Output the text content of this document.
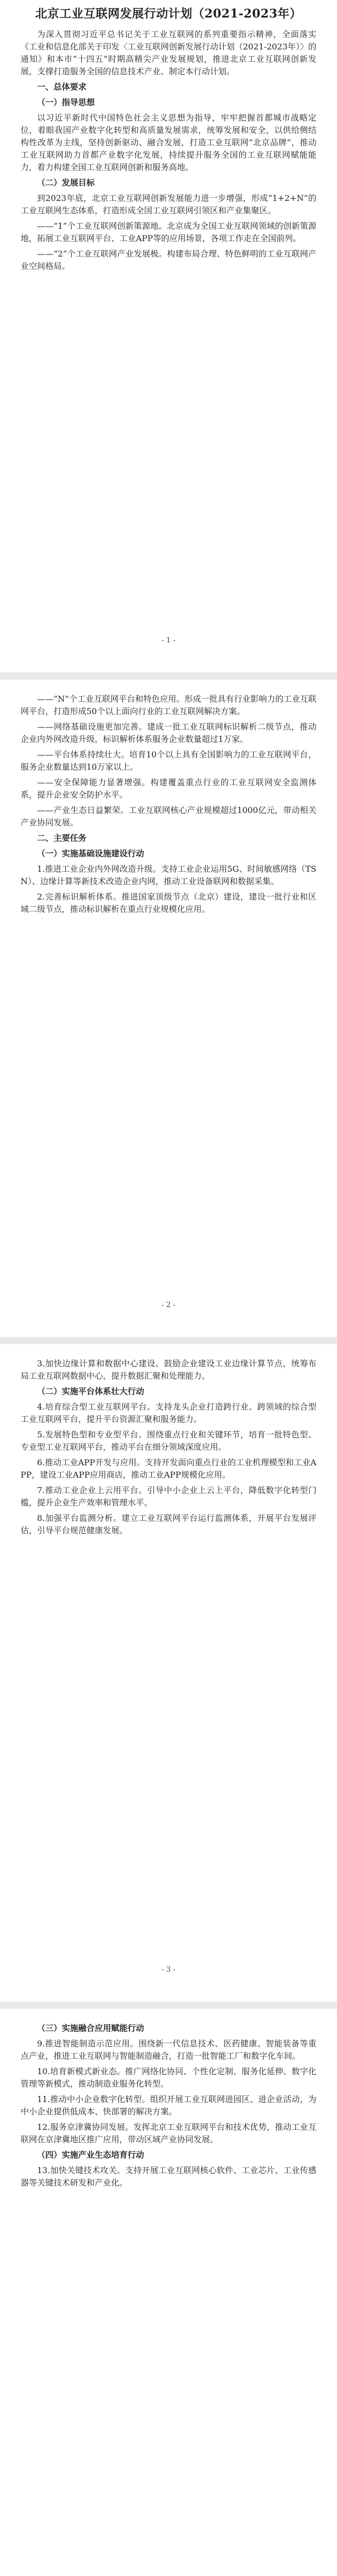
北京工业互联网发展行动计划（2021-2023年）

为深入贯彻习近平总书记关于工业互联网的系列重要指示精神，全面落实《工业和信息化部关于印发〈工业互联网创新发展行动计划（2021-2023年）〉的通知》和本市“十四五”时期高精尖产业发展规划，推进北京工业互联网创新发展，支撑打造服务全国的信息技术产业、制定本行动计划。

一、总体要求

（一）指导思想

以习近平新时代中国特色社会主义思想为指导，牢牢把握首都城市战略定位，着眼我国产业数字化转型和高质量发展需求，统筹发展和安全，以供给侧结构性改革为主线，坚持创新驱动、融合发展，打造工业互联网“北京品牌”，推动工业互联网助力首都产业数字化发展，持续提升服务全国的工业互联网赋能能力，着力构建全国工业互联网创新和服务高地。

（二）发展目标

到2023年底，北京工业互联网创新发展能力进一步增强，形成“1+2+N”的工业互联网生态体系，打造形成全国工业互联网引领区和产业集聚区。

——“1”个工业互联网创新策源地。北京成为全国工业互联网领域的创新策源地，拓展工业互联网平台、工业APP等的应用场景，各项工作走在全国前列。

——“2”个工业互联网产业发展极。构建布局合理、特色鲜明的工业互联网产业空间格局。

- 1 -

——“N”个工业互联网平台和特色应用。形成一批具有行业影响力的工业互联网平台，打造形成50个以上面向行业的工业互联网解决方案。

——网络基础设施更加完善。建成一批工业互联网标识解析二级节点，推动企业内外网改造升级，标识解析体系服务企业数量超过1万家。

——平台体系持续壮大。培育10个以上具有全国影响力的工业互联网平台，服务企业数量达到10万家以上。

——安全保障能力显著增强。构建覆盖重点行业的工业互联网安全监测体系，提升企业安全防护水平。

——产业生态日益繁荣。工业互联网核心产业规模超过1000亿元，带动相关产业协同发展。

二、主要任务

（一）实施基础设施建设行动

1.推进工业企业内外网改造升级。支持工业企业运用5G、时间敏感网络（TSN）、边缘计算等新技术改造企业内网，推动工业设备联网和数据采集。

2.完善标识解析体系。推进国家顶级节点（北京）建设，建设一批行业和区域二级节点，推动标识解析在重点行业规模化应用。

- 2 -

3.加快边缘计算和数据中心建设。鼓励企业建设工业边缘计算节点，统筹布局工业互联网数据中心，提升数据汇聚和处理能力。

（二）实施平台体系壮大行动

4.培育综合型工业互联网平台。支持龙头企业打造跨行业、跨领域的综合型工业互联网平台，提升平台资源汇聚和服务能力。

5.发展特色型和专业型平台。围绕重点行业和关键环节，培育一批特色型、专业型工业互联网平台，推动平台在细分领域深度应用。

6.推动工业APP开发与应用。支持开发面向重点行业的工业机理模型和工业APP，建设工业APP应用商店，推动工业APP规模化应用。

7.推动工业企业上云用平台。引导中小企业上云上平台，降低数字化转型门槛，提升企业生产效率和管理水平。

8.加强平台监测分析。建立工业互联网平台运行监测体系，开展平台发展评估，引导平台规范健康发展。

- 3 -

（三）实施融合应用赋能行动

9.推进智能制造示范应用。围绕新一代信息技术、医药健康、智能装备等重点产业，推进工业互联网与智能制造融合，打造一批智能工厂和数字化车间。

10.培育新模式新业态。推广网络化协同、个性化定制、服务化延伸、数字化管理等新模式，推动制造业服务化转型。

11.推动中小企业数字化转型。组织开展工业互联网进园区、进企业活动，为中小企业提供低成本、快部署的解决方案。

12.服务京津冀协同发展。发挥北京工业互联网平台和技术优势，推动工业互联网在京津冀地区推广应用，带动区域产业协同发展。

（四）实施产业生态培育行动

13.加快关键技术攻关。支持开展工业互联网核心软件、工业芯片、工业传感器等关键技术研发和产业化。
